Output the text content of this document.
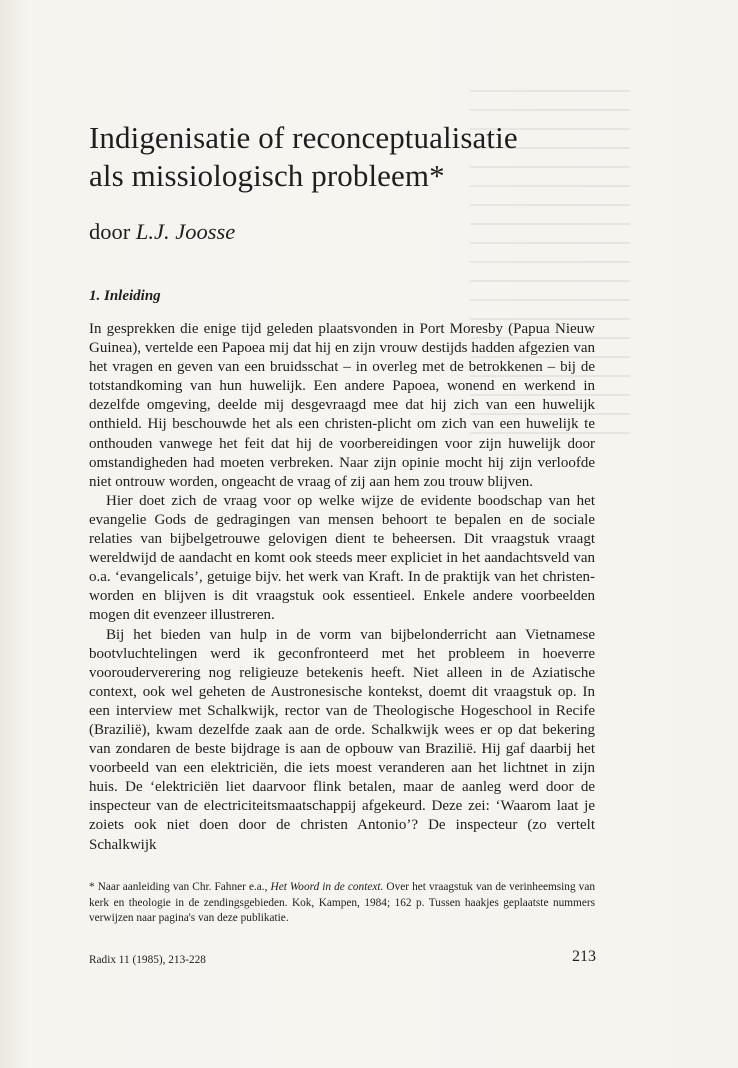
Indigenisatie of reconceptualisatie
als missiologisch probleem*

door L.J. Joosse

1. Inleiding

In gesprekken die enige tijd geleden plaatsvonden in Port Moresby (Papua Nieuw Guinea), vertelde een Papoea mij dat hij en zijn vrouw destijds hadden afgezien van het vragen en geven van een bruidsschat – in overleg met de betrokkenen – bij de totstandkoming van hun huwelijk. Een andere Papoea, wonend en werkend in dezelfde omgeving, deelde mij desgevraagd mee dat hij zich van een huwelijk onthield. Hij beschouwde het als een christen-plicht om zich van een huwelijk te onthouden vanwege het feit dat hij de voorbereidingen voor zijn huwelijk door omstandigheden had moeten verbreken. Naar zijn opinie mocht hij zijn verloofde niet ontrouw worden, ongeacht de vraag of zij aan hem zou trouw blijven.

Hier doet zich de vraag voor op welke wijze de evidente boodschap van het evangelie Gods de gedragingen van mensen behoort te bepalen en de sociale relaties van bijbelgetrouwe gelovigen dient te beheersen. Dit vraagstuk vraagt wereldwijd de aandacht en komt ook steeds meer expliciet in het aandachtsveld van o.a. ‘evangelicals’, getuige bijv. het werk van Kraft. In de praktijk van het christen-worden en blijven is dit vraagstuk ook essentieel. Enkele andere voorbeelden mogen dit evenzeer illustreren.

Bij het bieden van hulp in de vorm van bijbelonderricht aan Vietnamese bootvluchtelingen werd ik geconfronteerd met het probleem in hoeverre voorouderverering nog religieuze betekenis heeft. Niet alleen in de Aziatische context, ook wel geheten de Austronesische kontekst, doemt dit vraagstuk op. In een interview met Schalkwijk, rector van de Theologische Hogeschool in Recife (Brazilië), kwam dezelfde zaak aan de orde. Schalkwijk wees er op dat bekering van zondaren de beste bijdrage is aan de opbouw van Brazilië. Hij gaf daarbij het voorbeeld van een elektriciën, die iets moest veranderen aan het lichtnet in zijn huis. De ‘elektriciën liet daarvoor flink betalen, maar de aanleg werd door de inspecteur van de electriciteitsmaatschappij afgekeurd. Deze zei: ‘Waarom laat je zoiets ook niet doen door de christen Antonio’? De inspecteur (zo vertelt Schalkwijk

* Naar aanleiding van Chr. Fahner e.a., Het Woord in de context. Over het vraagstuk van de verinheemsing van kerk en theologie in de zendingsgebieden. Kok, Kampen, 1984; 162 p. Tussen haakjes geplaatste nummers verwijzen naar pagina's van deze publikatie.

Radix 11 (1985), 213-228	213
